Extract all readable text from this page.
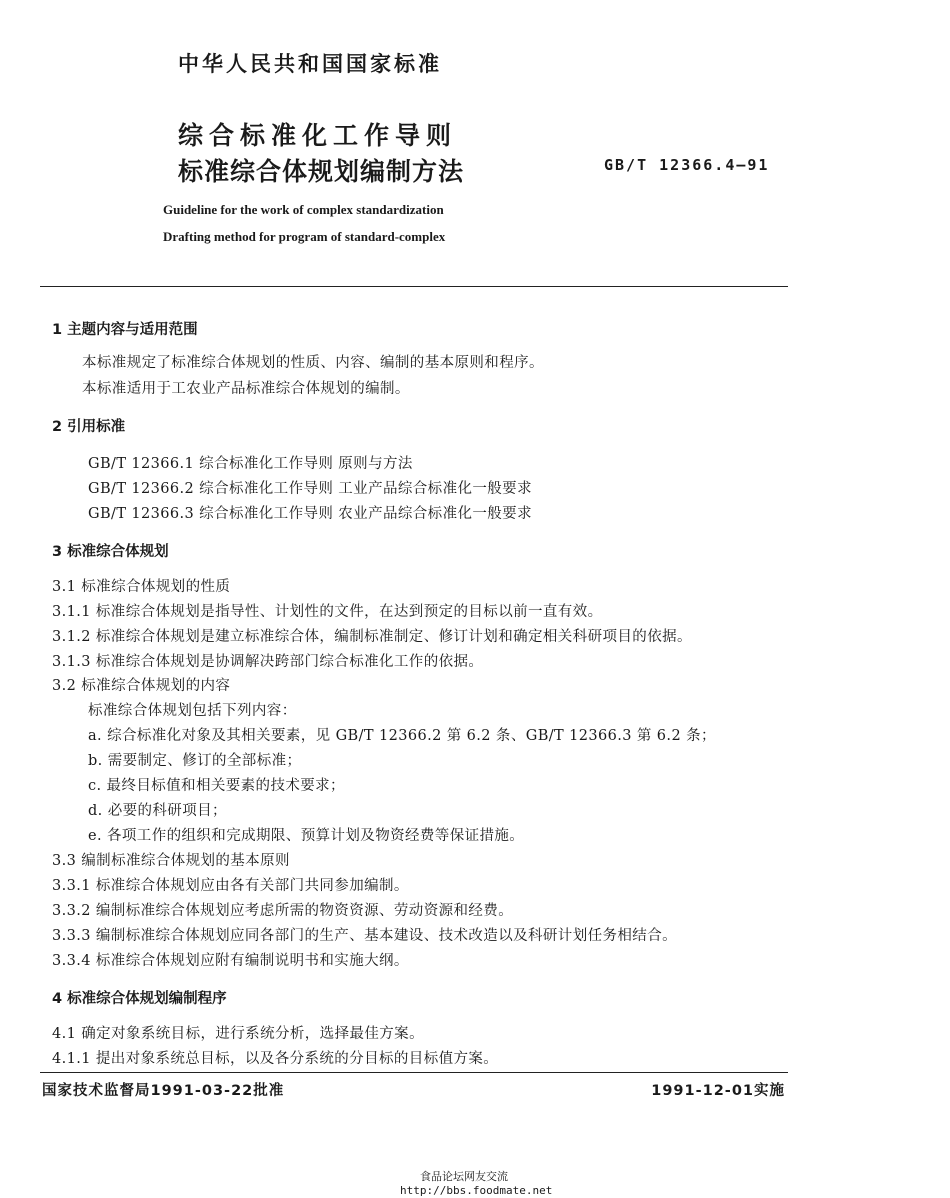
中华人民共和国国家标准
综合标准化工作导则
标准综合体规划编制方法	GB/T 12366.4—91
Guideline for the work of complex standardization
Drafting method for program of standard-complex
1 主题内容与适用范围
本标准规定了标准综合体规划的性质、内容、编制的基本原则和程序。
本标准适用于工农业产品标准综合体规划的编制。
2 引用标准
GB/T 12366.1 综合标准化工作导则 原则与方法
GB/T 12366.2 综合标准化工作导则 工业产品综合标准化一般要求
GB/T 12366.3 综合标准化工作导则 农业产品综合标准化一般要求
3 标准综合体规划
3.1 标准综合体规划的性质
3.1.1 标准综合体规划是指导性、计划性的文件，在达到预定的目标以前一直有效。
3.1.2 标准综合体规划是建立标准综合体，编制标准制定、修订计划和确定相关科研项目的依据。
3.1.3 标准综合体规划是协调解决跨部门综合标准化工作的依据。
3.2 标准综合体规划的内容
标准综合体规划包括下列内容：
a. 综合标准化对象及其相关要素，见 GB/T 12366.2 第 6.2 条、GB/T 12366.3 第 6.2 条；
b. 需要制定、修订的全部标准；
c. 最终目标值和相关要素的技术要求；
d. 必要的科研项目；
e. 各项工作的组织和完成期限、预算计划及物资经费等保证措施。
3.3 编制标准综合体规划的基本原则
3.3.1 标准综合体规划应由各有关部门共同参加编制。
3.3.2 编制标准综合体规划应考虑所需的物资资源、劳动资源和经费。
3.3.3 编制标准综合体规划应同各部门的生产、基本建设、技术改造以及科研计划任务相结合。
3.3.4 标准综合体规划应附有编制说明书和实施大纲。
4 标准综合体规划编制程序
4.1 确定对象系统目标，进行系统分析，选择最佳方案。
4.1.1 提出对象系统总目标，以及各分系统的分目标的目标值方案。
国家技术监督局1991-03-22批准	1991-12-01实施
食品论坛网友交流
http://bbs.foodmate.net
